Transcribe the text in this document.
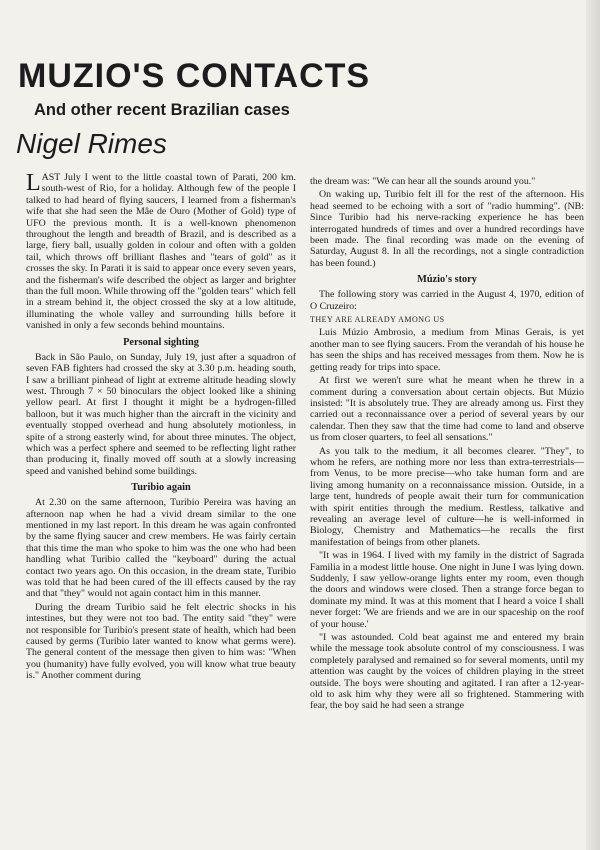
MUZIO'S CONTACTS
And other recent Brazilian cases
Nigel Rimes

LAST July I went to the little coastal town of Parati, 200 km. south-west of Rio, for a holiday. Although few of the people I talked to had heard of flying saucers, I learned from a fisherman's wife that she had seen the Mâe de Ouro (Mother of Gold) type of UFO the previous month. It is a well-known phenomenon throughout the length and breadth of Brazil, and is described as a large, fiery ball, usually golden in colour and often with a golden tail, which throws off brilliant flashes and "tears of gold" as it crosses the sky. In Parati it is said to appear once every seven years, and the fisherman's wife described the object as larger and brighter than the full moon. While throwing off the "golden tears" which fell in a stream behind it, the object crossed the sky at a low altitude, illuminating the whole valley and surrounding hills before it vanished in only a few seconds behind mountains.

Personal sighting

Back in São Paulo, on Sunday, July 19, just after a squadron of seven FAB fighters had crossed the sky at 3.30 p.m. heading south, I saw a brilliant pinhead of light at extreme altitude heading slowly west. Through 7 × 50 binoculars the object looked like a shining yellow pearl. At first I thought it might be a hydrogen-filled balloon, but it was much higher than the aircraft in the vicinity and eventually stopped overhead and hung absolutely motionless, in spite of a strong easterly wind, for about three minutes. The object, which was a perfect sphere and seemed to be reflecting light rather than producing it, finally moved off south at a slowly increasing speed and vanished behind some buildings.

Turibio again

At 2.30 on the same afternoon, Turibio Pereira was having an afternoon nap when he had a vivid dream similar to the one mentioned in my last report. In this dream he was again confronted by the same flying saucer and crew members. He was fairly certain that this time the man who spoke to him was the one who had been handling what Turibio called the "keyboard" during the actual contact two years ago. On this occasion, in the dream state, Turibio was told that he had been cured of the ill effects caused by the ray and that "they" would not again contact him in this manner.

During the dream Turibio said he felt electric shocks in his intestines, but they were not too bad. The entity said "they" were not responsible for Turibio's present state of health, which had been caused by germs (Turibio later wanted to know what germs were). The general content of the message then given to him was: "When you (humanity) have fully evolved, you will know what true beauty is." Another comment during

the dream was: "We can hear all the sounds around you."

On waking up, Turibio felt ill for the rest of the afternoon. His head seemed to be echoing with a sort of "radio humming". (NB: Since Turibio had his nerve-racking experience he has been interrogated hundreds of times and over a hundred recordings have been made. The final recording was made on the evening of Saturday, August 8. In all the recordings, not a single contradiction has been found.)

Múzio's story

The following story was carried in the August 4, 1970, edition of O Cruzeiro:

THEY ARE ALREADY AMONG US

Luis Múzio Ambrosio, a medium from Minas Gerais, is yet another man to see flying saucers. From the verandah of his house he has seen the ships and has received messages from them. Now he is getting ready for trips into space.

At first we weren't sure what he meant when he threw in a comment during a conversation about certain objects. But Múzio insisted: "It is absolutely true. They are already among us. First they carried out a reconnaissance over a period of several years by our calendar. Then they saw that the time had come to land and observe us from closer quarters, to feel all sensations."

As you talk to the medium, it all becomes clearer. "They", to whom he refers, are nothing more nor less than extra-terrestrials—from Venus, to be more precise—who take human form and are living among humanity on a reconnaissance mission. Outside, in a large tent, hundreds of people await their turn for communication with spirit entities through the medium. Restless, talkative and revealing an average level of culture—he is well-informed in Biology, Chemistry and Mathematics—he recalls the first manifestation of beings from other planets.

"It was in 1964. I lived with my family in the district of Sagrada Familia in a modest little house. One night in June I was lying down. Suddenly, I saw yellow-orange lights enter my room, even though the doors and windows were closed. Then a strange force began to dominate my mind. It was at this moment that I heard a voice I shall never forget: 'We are friends and we are in our spaceship on the roof of your house.'

"I was astounded. Cold beat against me and entered my brain while the message took absolute control of my consciousness. I was completely paralysed and remained so for several moments, until my attention was caught by the voices of children playing in the street outside. The boys were shouting and agitated. I ran after a 12-year-old to ask him why they were all so frightened. Stammering with fear, the boy said he had seen a strange
